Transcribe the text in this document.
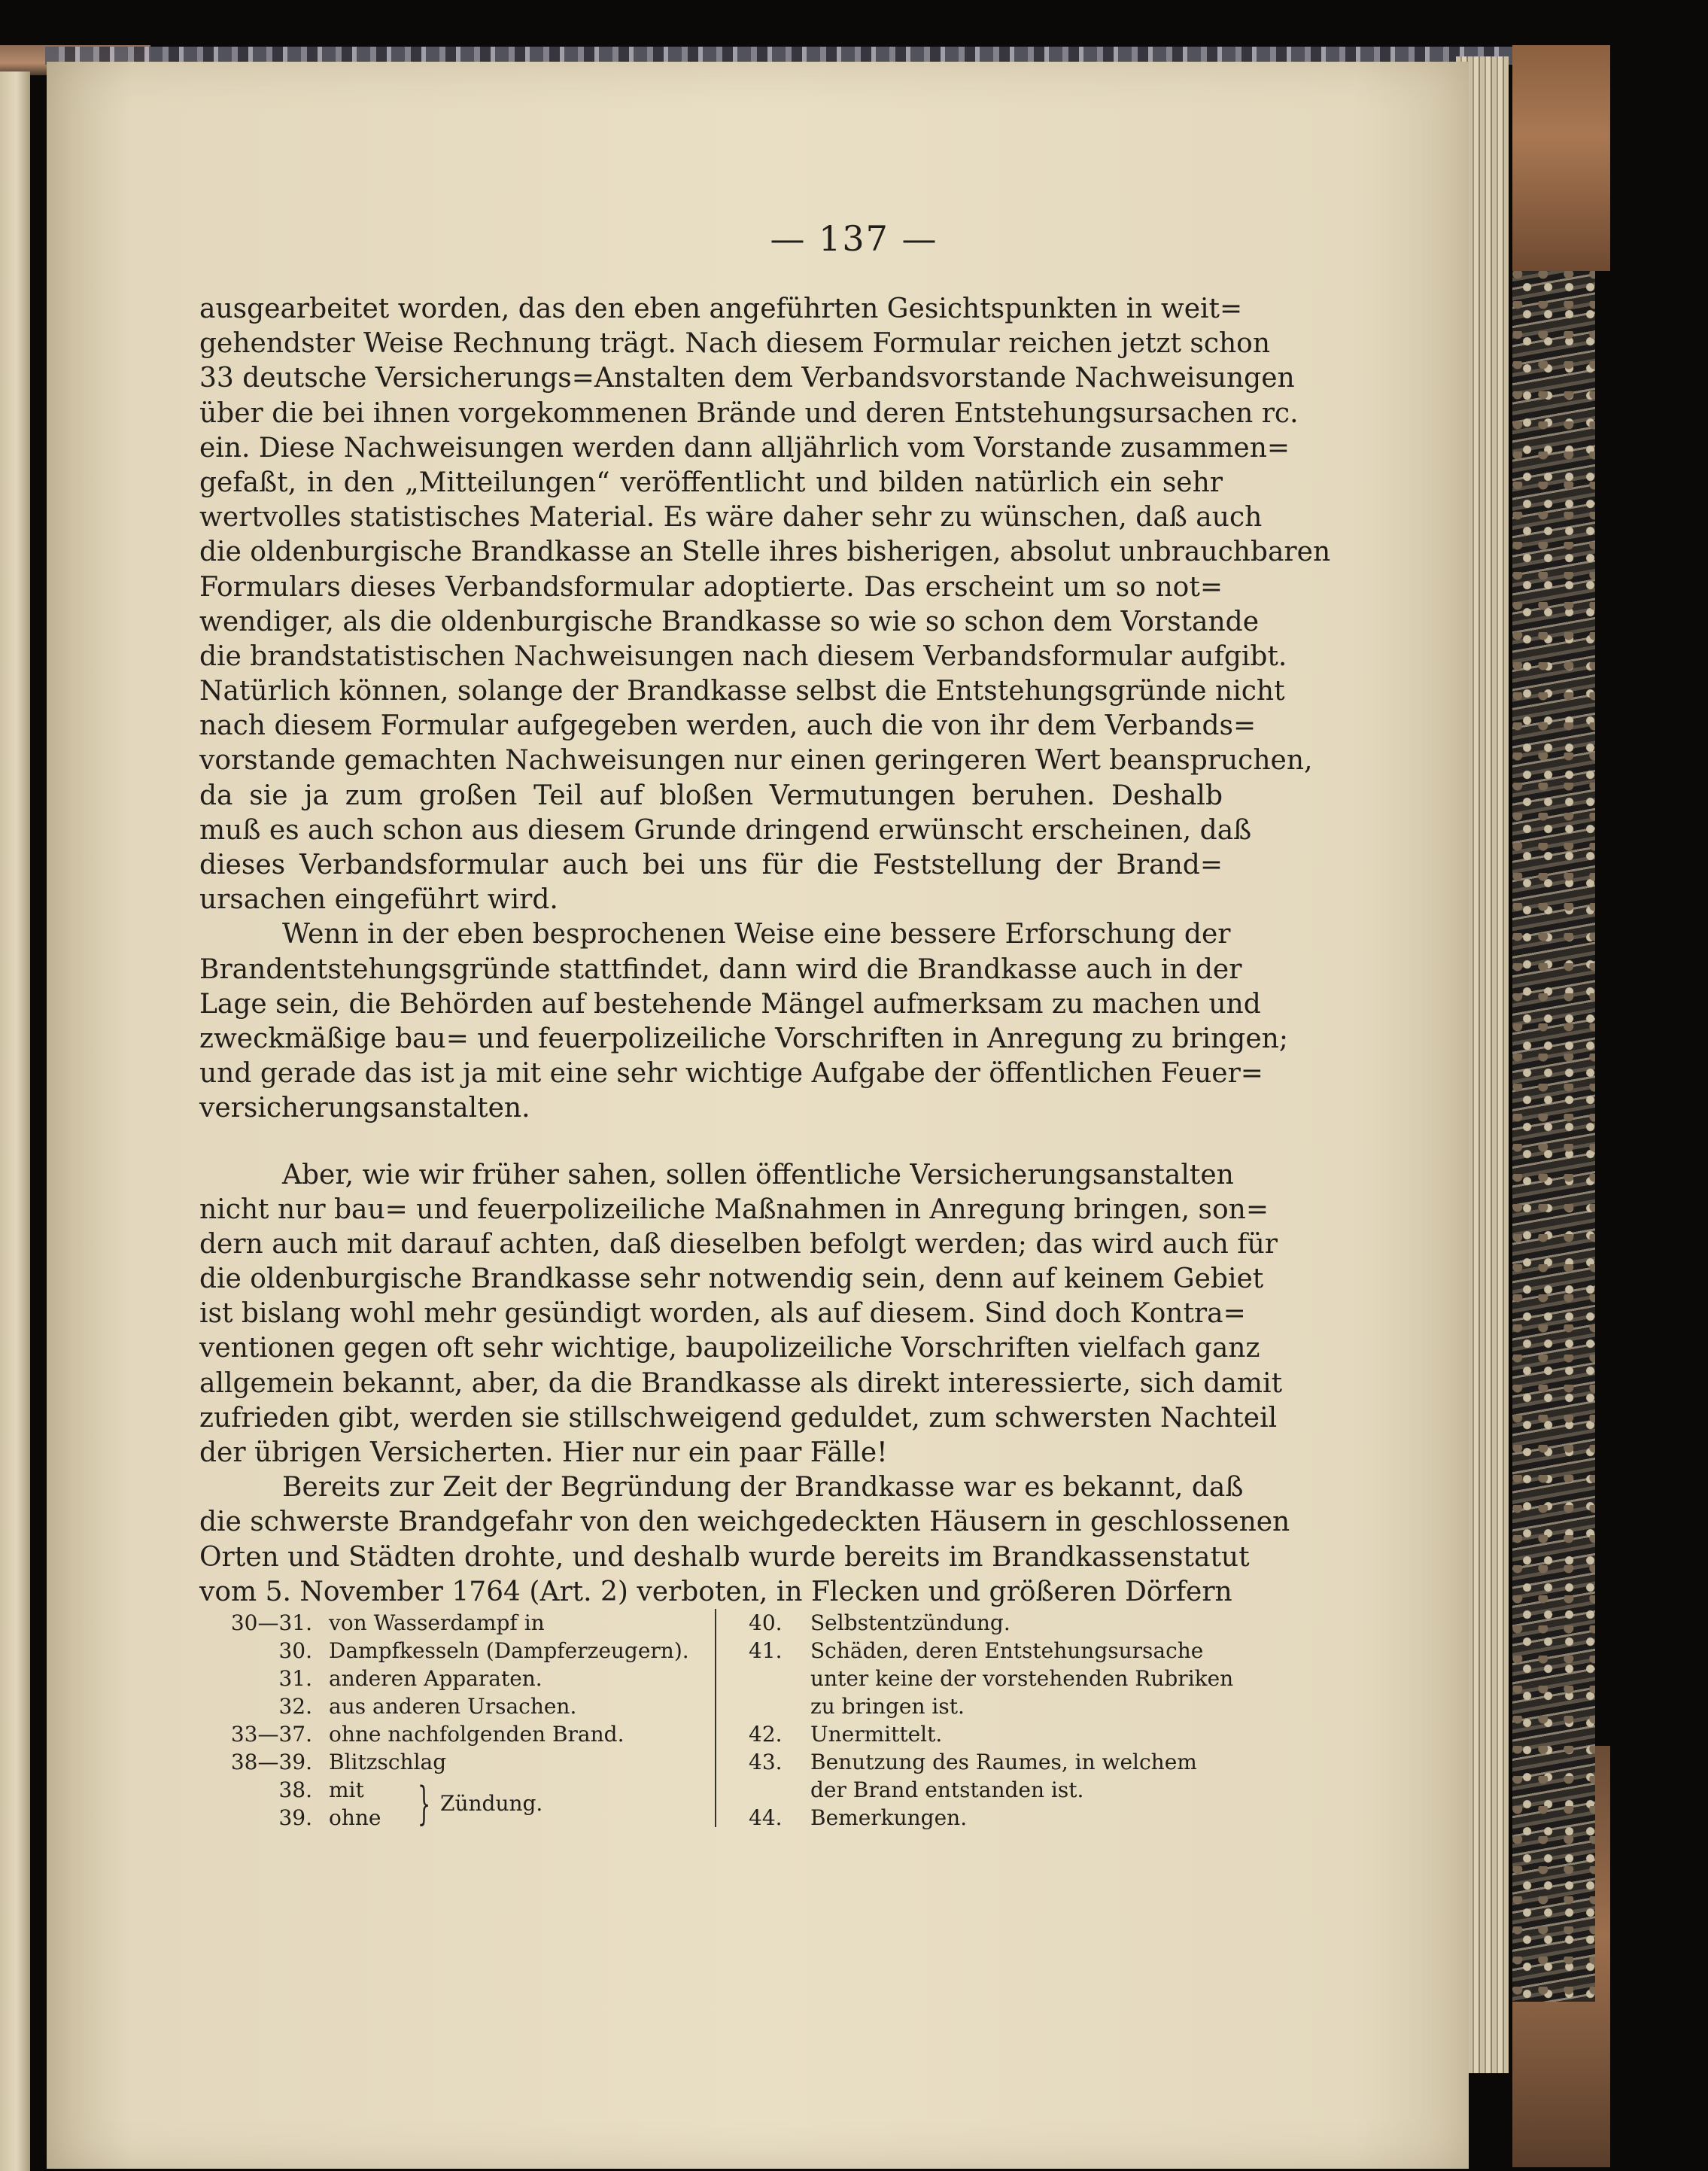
— 137 —

ausgearbeitet worden, das den eben angeführten Gesichtspunkten in weit=
gehendster Weise Rechnung trägt. Nach diesem Formular reichen jetzt schon
33 deutsche Versicherungs=Anstalten dem Verbandsvorstande Nachweisungen
über die bei ihnen vorgekommenen Brände und deren Entstehungsursachen rc.
ein. Diese Nachweisungen werden dann alljährlich vom Vorstande zusammen=
gefaßt, in den „Mitteilungen“ veröffentlicht und bilden natürlich ein sehr
wertvolles statistisches Material. Es wäre daher sehr zu wünschen, daß auch
die oldenburgische Brandkasse an Stelle ihres bisherigen, absolut unbrauchbaren
Formulars dieses Verbandsformular adoptierte. Das erscheint um so not=
wendiger, als die oldenburgische Brandkasse so wie so schon dem Vorstande
die brandstatistischen Nachweisungen nach diesem Verbandsformular aufgibt.
Natürlich können, solange der Brandkasse selbst die Entstehungsgründe nicht
nach diesem Formular aufgegeben werden, auch die von ihr dem Verbands=
vorstande gemachten Nachweisungen nur einen geringeren Wert beanspruchen,
da sie ja zum großen Teil auf bloßen Vermutungen beruhen. Deshalb
muß es auch schon aus diesem Grunde dringend erwünscht erscheinen, daß
dieses Verbandsformular auch bei uns für die Feststellung der Brand=
ursachen eingeführt wird.

Wenn in der eben besprochenen Weise eine bessere Erforschung der
Brandentstehungsgründe stattfindet, dann wird die Brandkasse auch in der
Lage sein, die Behörden auf bestehende Mängel aufmerksam zu machen und
zweckmäßige bau= und feuerpolizeiliche Vorschriften in Anregung zu bringen;
und gerade das ist ja mit eine sehr wichtige Aufgabe der öffentlichen Feuer=
versicherungsanstalten.

Aber, wie wir früher sahen, sollen öffentliche Versicherungsanstalten
nicht nur bau= und feuerpolizeiliche Maßnahmen in Anregung bringen, son=
dern auch mit darauf achten, daß dieselben befolgt werden; das wird auch für
die oldenburgische Brandkasse sehr notwendig sein, denn auf keinem Gebiet
ist bislang wohl mehr gesündigt worden, als auf diesem. Sind doch Kontra=
ventionen gegen oft sehr wichtige, baupolizeiliche Vorschriften vielfach ganz
allgemein bekannt, aber, da die Brandkasse als direkt interessierte, sich damit
zufrieden gibt, werden sie stillschweigend geduldet, zum schwersten Nachteil
der übrigen Versicherten. Hier nur ein paar Fälle!

Bereits zur Zeit der Begründung der Brandkasse war es bekannt, daß
die schwerste Brandgefahr von den weichgedeckten Häusern in geschlossenen
Orten und Städten drohte, und deshalb wurde bereits im Brandkassenstatut
vom 5. November 1764 (Art. 2) verboten, in Flecken und größeren Dörfern

30—31. von Wasserdampf in
30. Dampfkesseln (Dampferzeugern).
31. anderen Apparaten.
32. aus anderen Ursachen.
33—37. ohne nachfolgenden Brand.
38—39. Blitzschlag
38. mit
39. ohne } Zündung.
40.	Selbstentzündung.
41.	Schäden, deren Entstehungsursache
unter keine der vorstehenden Rubriken
zu bringen ist.
42.	Unermittelt.
43.	Benutzung des Raumes, in welchem
der Brand entstanden ist.
44.	Bemerkungen.
